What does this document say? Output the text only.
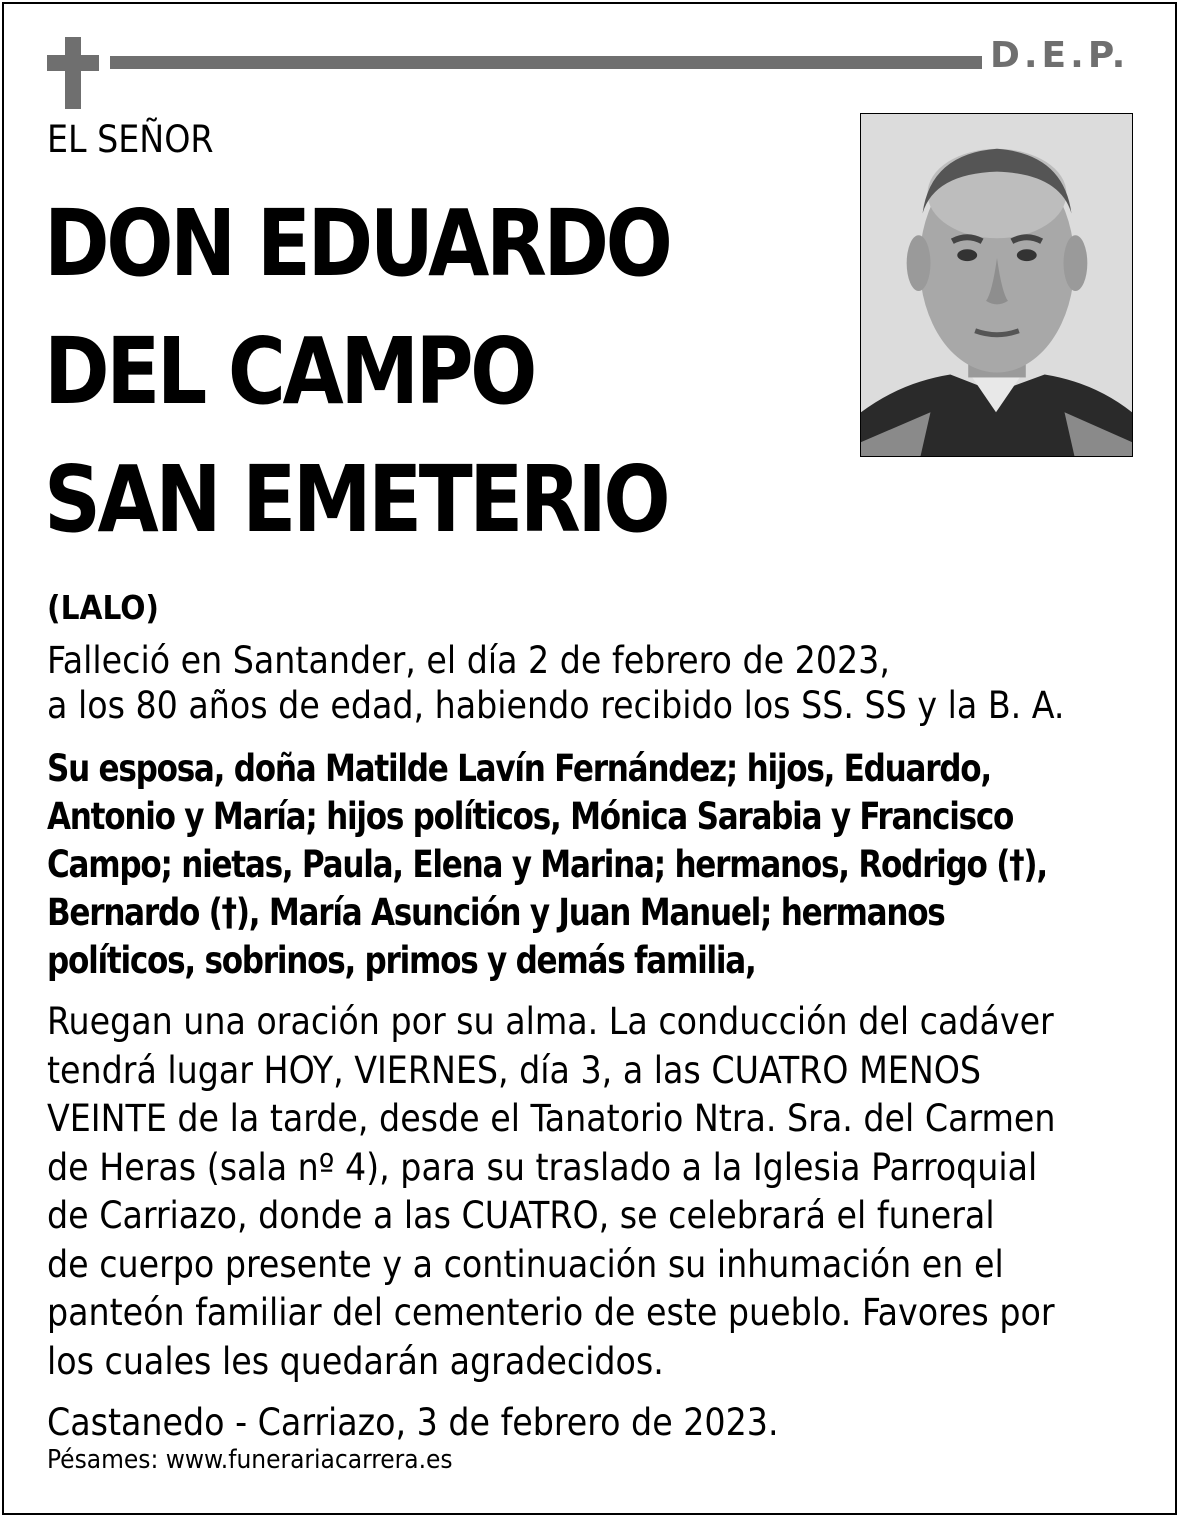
D.E.P.
EL SEÑOR
DON EDUARDO
DEL CAMPO
SAN EMETERIO
(LALO)
Falleció en Santander, el día 2 de febrero de 2023,
a los 80 años de edad, habiendo recibido los SS. SS y la B. A.
Su esposa, doña Matilde Lavín Fernández; hijos, Eduardo,
Antonio y María; hijos políticos, Mónica Sarabia y Francisco
Campo; nietas, Paula, Elena y Marina; hermanos, Rodrigo (†),
Bernardo (†), María Asunción y Juan Manuel; hermanos
políticos, sobrinos, primos y demás familia,
Ruegan una oración por su alma. La conducción del cadáver
tendrá lugar HOY, VIERNES, día 3, a las CUATRO MENOS
VEINTE de la tarde, desde el Tanatorio Ntra. Sra. del Carmen
de Heras (sala nº 4), para su traslado a la Iglesia Parroquial
de Carriazo, donde a las CUATRO, se celebrará el funeral
de cuerpo presente y a continuación su inhumación en el
panteón familiar del cementerio de este pueblo. Favores por
los cuales les quedarán agradecidos.
Castanedo - Carriazo, 3 de febrero de 2023.
Pésames: www.funerariacarrera.es
